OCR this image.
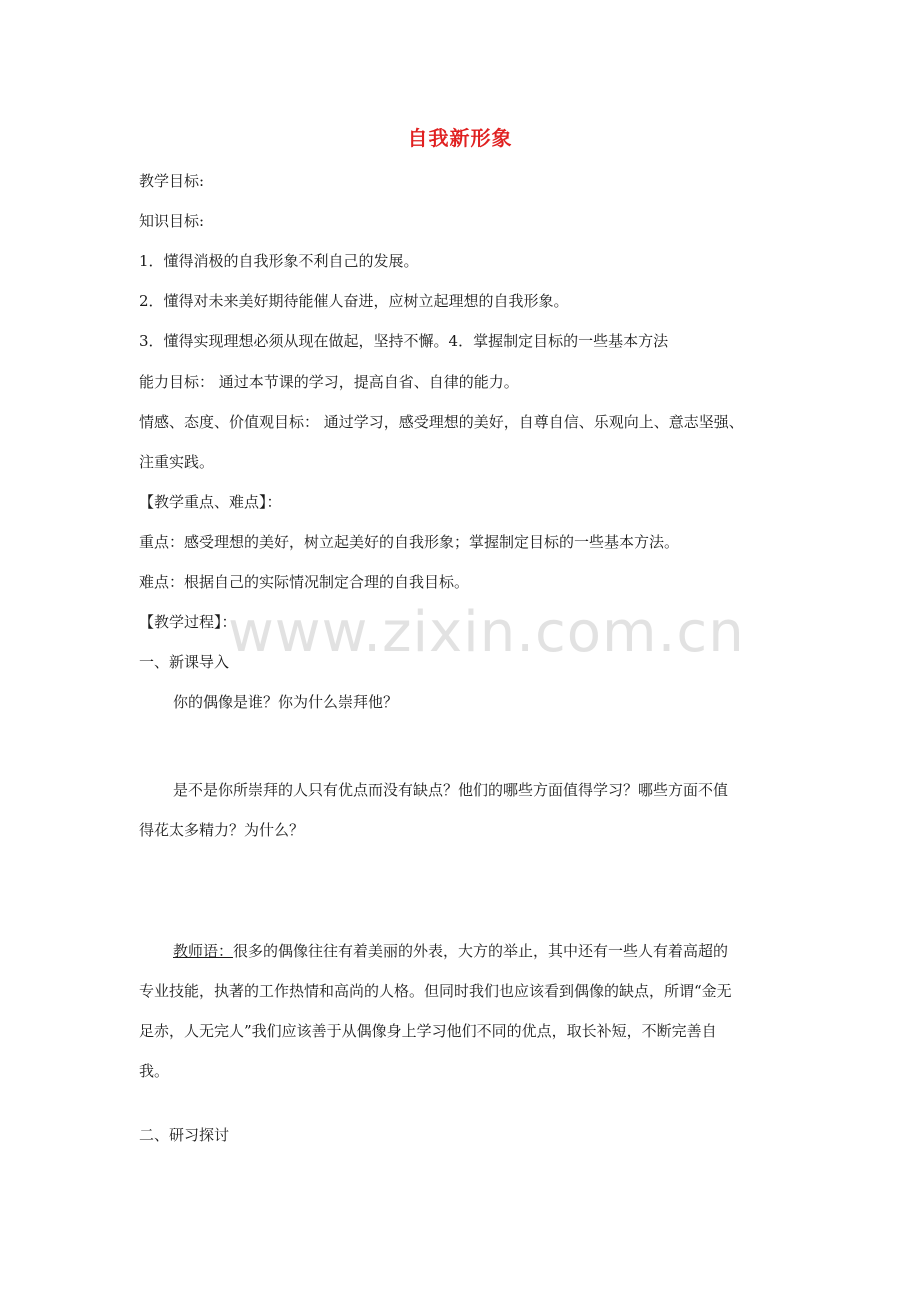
自我新形象
教学目标:
知识目标:
1．懂得消极的自我形象不利自己的发展。
2．懂得对未来美好期待能催人奋进，应树立起理想的自我形象。
3．懂得实现理想必须从现在做起，坚持不懈。4．掌握制定目标的一些基本方法
能力目标： 通过本节课的学习，提高自省、自律的能力。
情感、态度、价值观目标： 通过学习，感受理想的美好，自尊自信、乐观向上、意志坚强、
注重实践。
【教学重点、难点】：
重点：感受理想的美好，树立起美好的自我形象；掌握制定目标的一些基本方法。
难点：根据自己的实际情况制定合理的自我目标。
【教学过程】：
一、新课导入
你的偶像是谁？你为什么崇拜他？
是不是你所崇拜的人只有优点而没有缺点？他们的哪些方面值得学习？哪些方面不值
得花太多精力？为什么？
教师语：很多的偶像往往有着美丽的外表，大方的举止，其中还有一些人有着高超的
专业技能，执著的工作热情和高尚的人格。但同时我们也应该看到偶像的缺点，所谓“金无
足赤，人无完人”我们应该善于从偶像身上学习他们不同的优点，取长补短，不断完善自
我。
二、研习探讨
www.zixin.com.cn
